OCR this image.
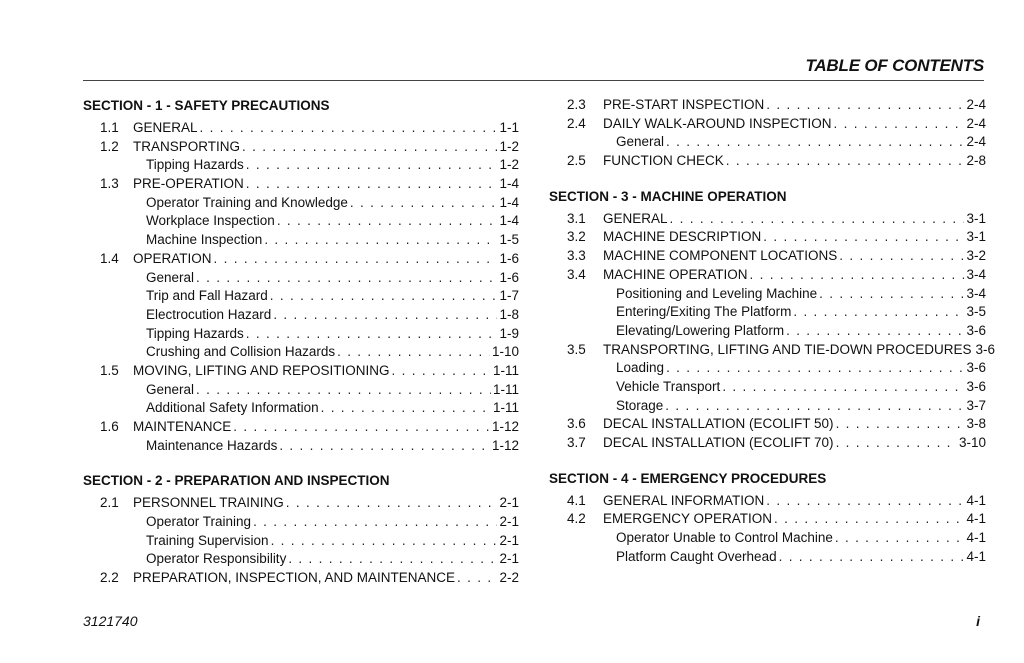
TABLE OF CONTENTS
SECTION - 1 - SAFETY PRECAUTIONS
1.1	GENERAL . . .	1-1
1.2	TRANSPORTING . . .	1-2
Tipping Hazards . . .	1-2
1.3	PRE-OPERATION . . .	1-4
Operator Training and Knowledge . . .	1-4
Workplace Inspection . . .	1-4
Machine Inspection . . .	1-5
1.4	OPERATION . . .	1-6
General . . .	1-6
Trip and Fall Hazard . . .	1-7
Electrocution Hazard . . .	1-8
Tipping Hazards . . .	1-9
Crushing and Collision Hazards . . .	1-10
1.5	MOVING, LIFTING AND REPOSITIONING . . .	1-11
General . . .	1-11
Additional Safety Information . . .	1-11
1.6	MAINTENANCE . . .	1-12
Maintenance Hazards . . .	1-12
SECTION - 2 - PREPARATION AND INSPECTION
2.1	PERSONNEL TRAINING . . .	2-1
Operator Training . . .	2-1
Training Supervision . . .	2-1
Operator Responsibility . . .	2-1
2.2	PREPARATION, INSPECTION, AND MAINTENANCE . . .	2-2
2.3	PRE-START INSPECTION . . .	2-4
2.4	DAILY WALK-AROUND INSPECTION . . .	2-4
General . . .	2-4
2.5	FUNCTION CHECK . . .	2-8
SECTION - 3 - MACHINE OPERATION
3.1	GENERAL . . .	3-1
3.2	MACHINE DESCRIPTION . . .	3-1
3.3	MACHINE COMPONENT LOCATIONS . . .	3-2
3.4	MACHINE OPERATION . . .	3-4
Positioning and Leveling Machine . . .	3-4
Entering/Exiting The Platform . . .	3-5
Elevating/Lowering Platform . . .	3-6
3.5	TRANSPORTING, LIFTING AND TIE-DOWN PROCEDURES 3-6
Loading . . .	3-6
Vehicle Transport . . .	3-6
Storage . . .	3-7
3.6	DECAL INSTALLATION (ECOLIFT 50) . . .	3-8
3.7	DECAL INSTALLATION (ECOLIFT 70) . . .	3-10
SECTION - 4 - EMERGENCY PROCEDURES
4.1	GENERAL INFORMATION . . .	4-1
4.2	EMERGENCY OPERATION . . .	4-1
Operator Unable to Control Machine . . .	4-1
Platform Caught Overhead . . .	4-1
3121740	i
